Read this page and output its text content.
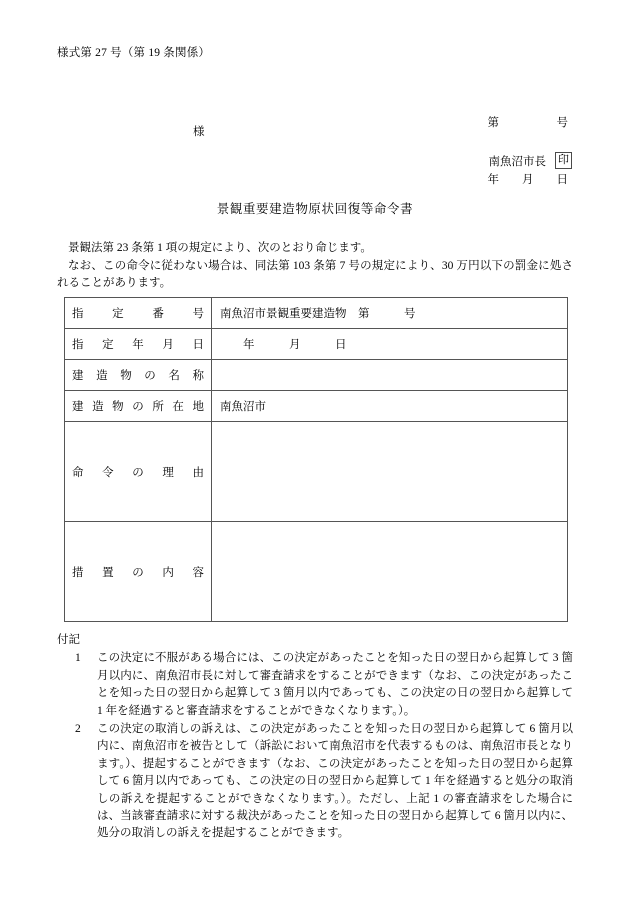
様式第 27 号（第 19 条関係）

第　　　　　号

年　　月　　日

様
南魚沼市長 印
景観重要建造物原状回復等命令書

景観法第 23 条第 1 項の規定により、次のとおり命じます。

なお、この命令に従わない場合は、同法第 103 条第 7 号の規定により、30 万円以下の罰金に処されることがあります。

指 定 番 号	南魚沼市景観重要建造物　第　　　号

指 定 年 月 日	　　年　　　月　　　日

建 造 物 の 名 称

建 造 物 の 所 在 地	南魚沼市

命 令 の 理 由	

措 置 の 内 容	

付記
1 この決定に不服がある場合には、この決定があったことを知った日の翌日から起算して 3 箇月以内に、南魚沼市長に対して審査請求をすることができます（なお、この決定があったことを知った日の翌日から起算して 3 箇月以内であっても、この決定の日の翌日から起算して 1 年を経過すると審査請求をすることができなくなります。）。
2 この決定の取消しの訴えは、この決定があったことを知った日の翌日から起算して 6 箇月以内に、南魚沼市を被告として（訴訟において南魚沼市を代表するものは、南魚沼市長となります。）、提起することができます（なお、この決定があったことを知った日の翌日から起算して 6 箇月以内であっても、この決定の日の翌日から起算して 1 年を経過すると処分の取消しの訴えを提起することができなくなります。）。ただし、上記 1 の審査請求をした場合には、当該審査請求に対する裁決があったことを知った日の翌日から起算して 6 箇月以内に、処分の取消しの訴えを提起することができます。
